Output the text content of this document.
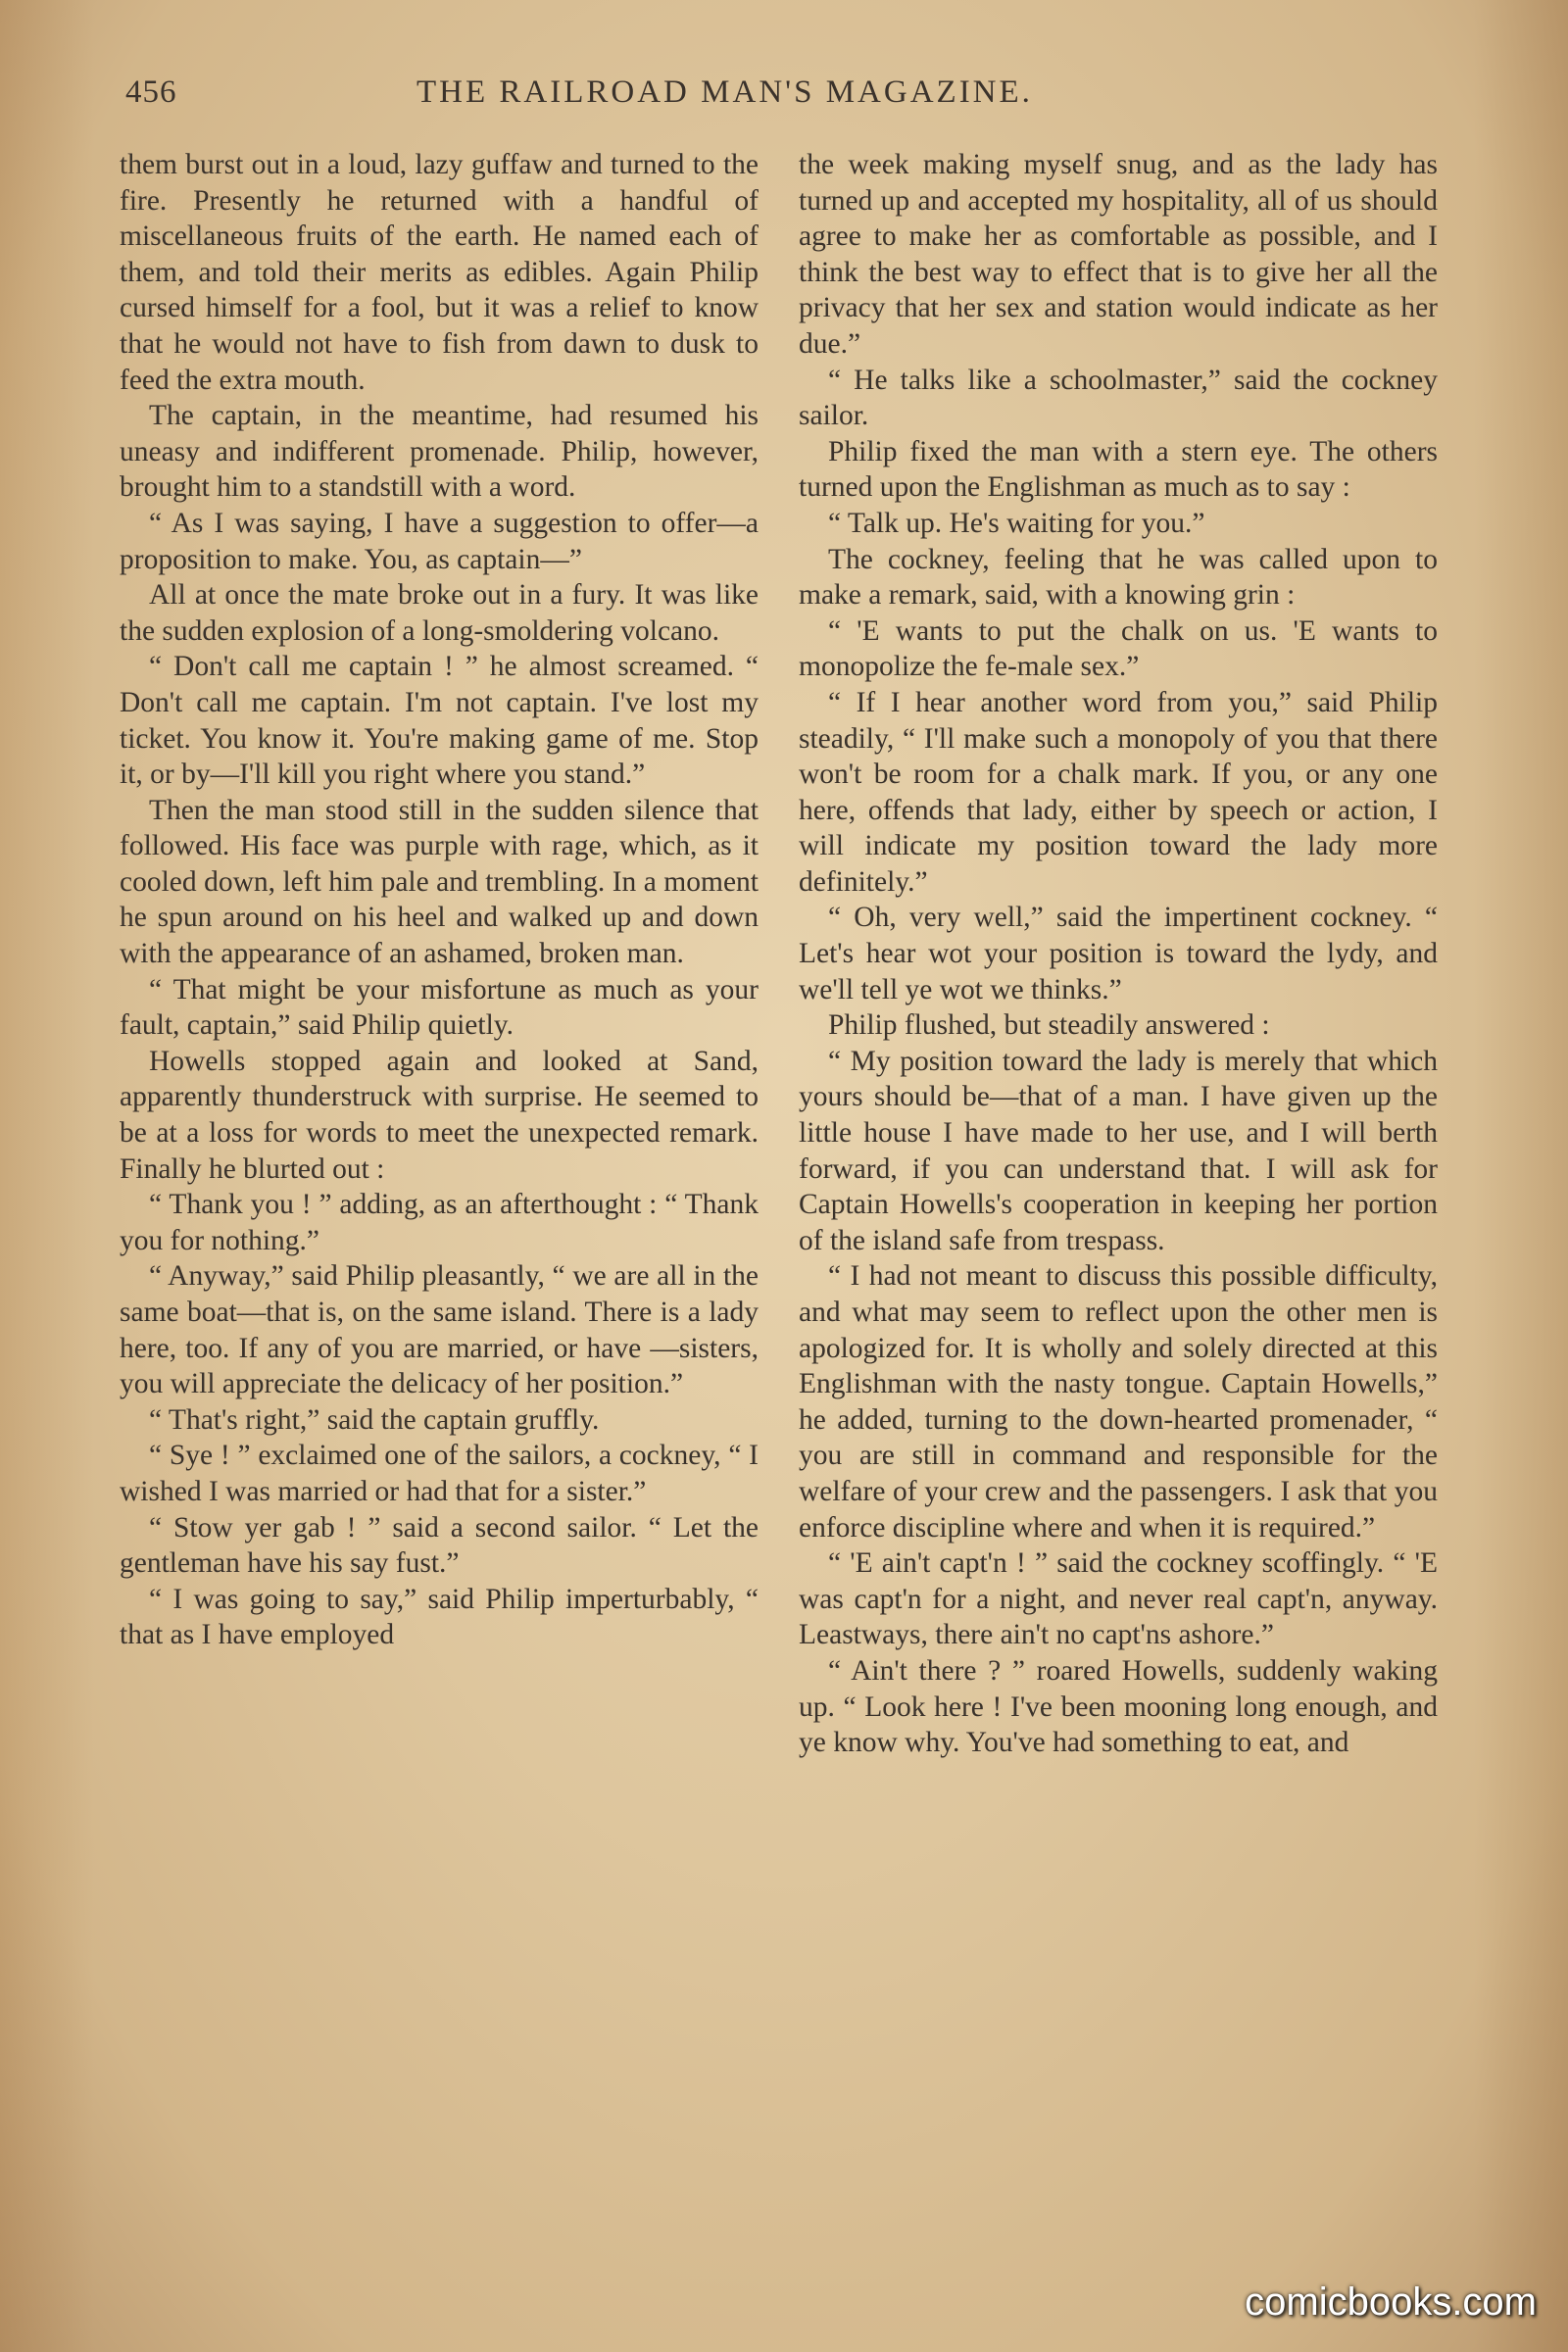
456	THE RAILROAD MAN'S MAGAZINE.

them burst out in a loud, lazy guffaw and turned to the fire. Presently he returned with a handful of miscellaneous fruits of the earth. He named each of them, and told their merits as edibles. Again Philip cursed himself for a fool, but it was a relief to know that he would not have to fish from dawn to dusk to feed the extra mouth.

The captain, in the meantime, had resumed his uneasy and indifferent promenade. Philip, however, brought him to a standstill with a word.

“ As I was saying, I have a suggestion to offer—a proposition to make. You, as captain—”

All at once the mate broke out in a fury. It was like the sudden explosion of a long-smoldering volcano.

“ Don't call me captain ! ” he almost screamed. “ Don't call me captain. I'm not captain. I've lost my ticket. You know it. You're making game of me. Stop it, or by—I'll kill you right where you stand.”

Then the man stood still in the sudden silence that followed. His face was purple with rage, which, as it cooled down, left him pale and trembling. In a moment he spun around on his heel and walked up and down with the appearance of an ashamed, broken man.

“ That might be your misfortune as much as your fault, captain,” said Philip quietly.

Howells stopped again and looked at Sand, apparently thunderstruck with surprise. He seemed to be at a loss for words to meet the unexpected remark. Finally he blurted out :

“ Thank you ! ” adding, as an afterthought : “ Thank you for nothing.”

“ Anyway,” said Philip pleasantly, “ we are all in the same boat—that is, on the same island. There is a lady here, too. If any of you are married, or have —sisters, you will appreciate the delicacy of her position.”

“ That's right,” said the captain gruffly.

“ Sye ! ” exclaimed one of the sailors, a cockney, “ I wished I was married or had that for a sister.”

“ Stow yer gab ! ” said a second sailor. “ Let the gentleman have his say fust.”

“ I was going to say,” said Philip imperturbably, “ that as I have employed

the week making myself snug, and as the lady has turned up and accepted my hospitality, all of us should agree to make her as comfortable as possible, and I think the best way to effect that is to give her all the privacy that her sex and station would indicate as her due.”

“ He talks like a schoolmaster,” said the cockney sailor.

Philip fixed the man with a stern eye. The others turned upon the Englishman as much as to say :

“ Talk up. He's waiting for you.”

The cockney, feeling that he was called upon to make a remark, said, with a knowing grin :

“ 'E wants to put the chalk on us. 'E wants to monopolize the fe-male sex.”

“ If I hear another word from you,” said Philip steadily, “ I'll make such a monopoly of you that there won't be room for a chalk mark. If you, or any one here, offends that lady, either by speech or action, I will indicate my position toward the lady more definitely.”

“ Oh, very well,” said the impertinent cockney. “ Let's hear wot your position is toward the lydy, and we'll tell ye wot we thinks.”

Philip flushed, but steadily answered :

“ My position toward the lady is merely that which yours should be—that of a man. I have given up the little house I have made to her use, and I will berth forward, if you can understand that. I will ask for Captain Howells's cooperation in keeping her portion of the island safe from trespass.

“ I had not meant to discuss this possible difficulty, and what may seem to reflect upon the other men is apologized for. It is wholly and solely directed at this Englishman with the nasty tongue. Captain Howells,” he added, turning to the down-hearted promenader, “ you are still in command and responsible for the welfare of your crew and the passengers. I ask that you enforce discipline where and when it is required.”

“ 'E ain't capt'n ! ” said the cockney scoffingly. “ 'E was capt'n for a night, and never real capt'n, anyway. Leastways, there ain't no capt'ns ashore.”

“ Ain't there ? ” roared Howells, suddenly waking up. “ Look here ! I've been mooning long enough, and ye know why. You've had something to eat, and

comicbooks.com
